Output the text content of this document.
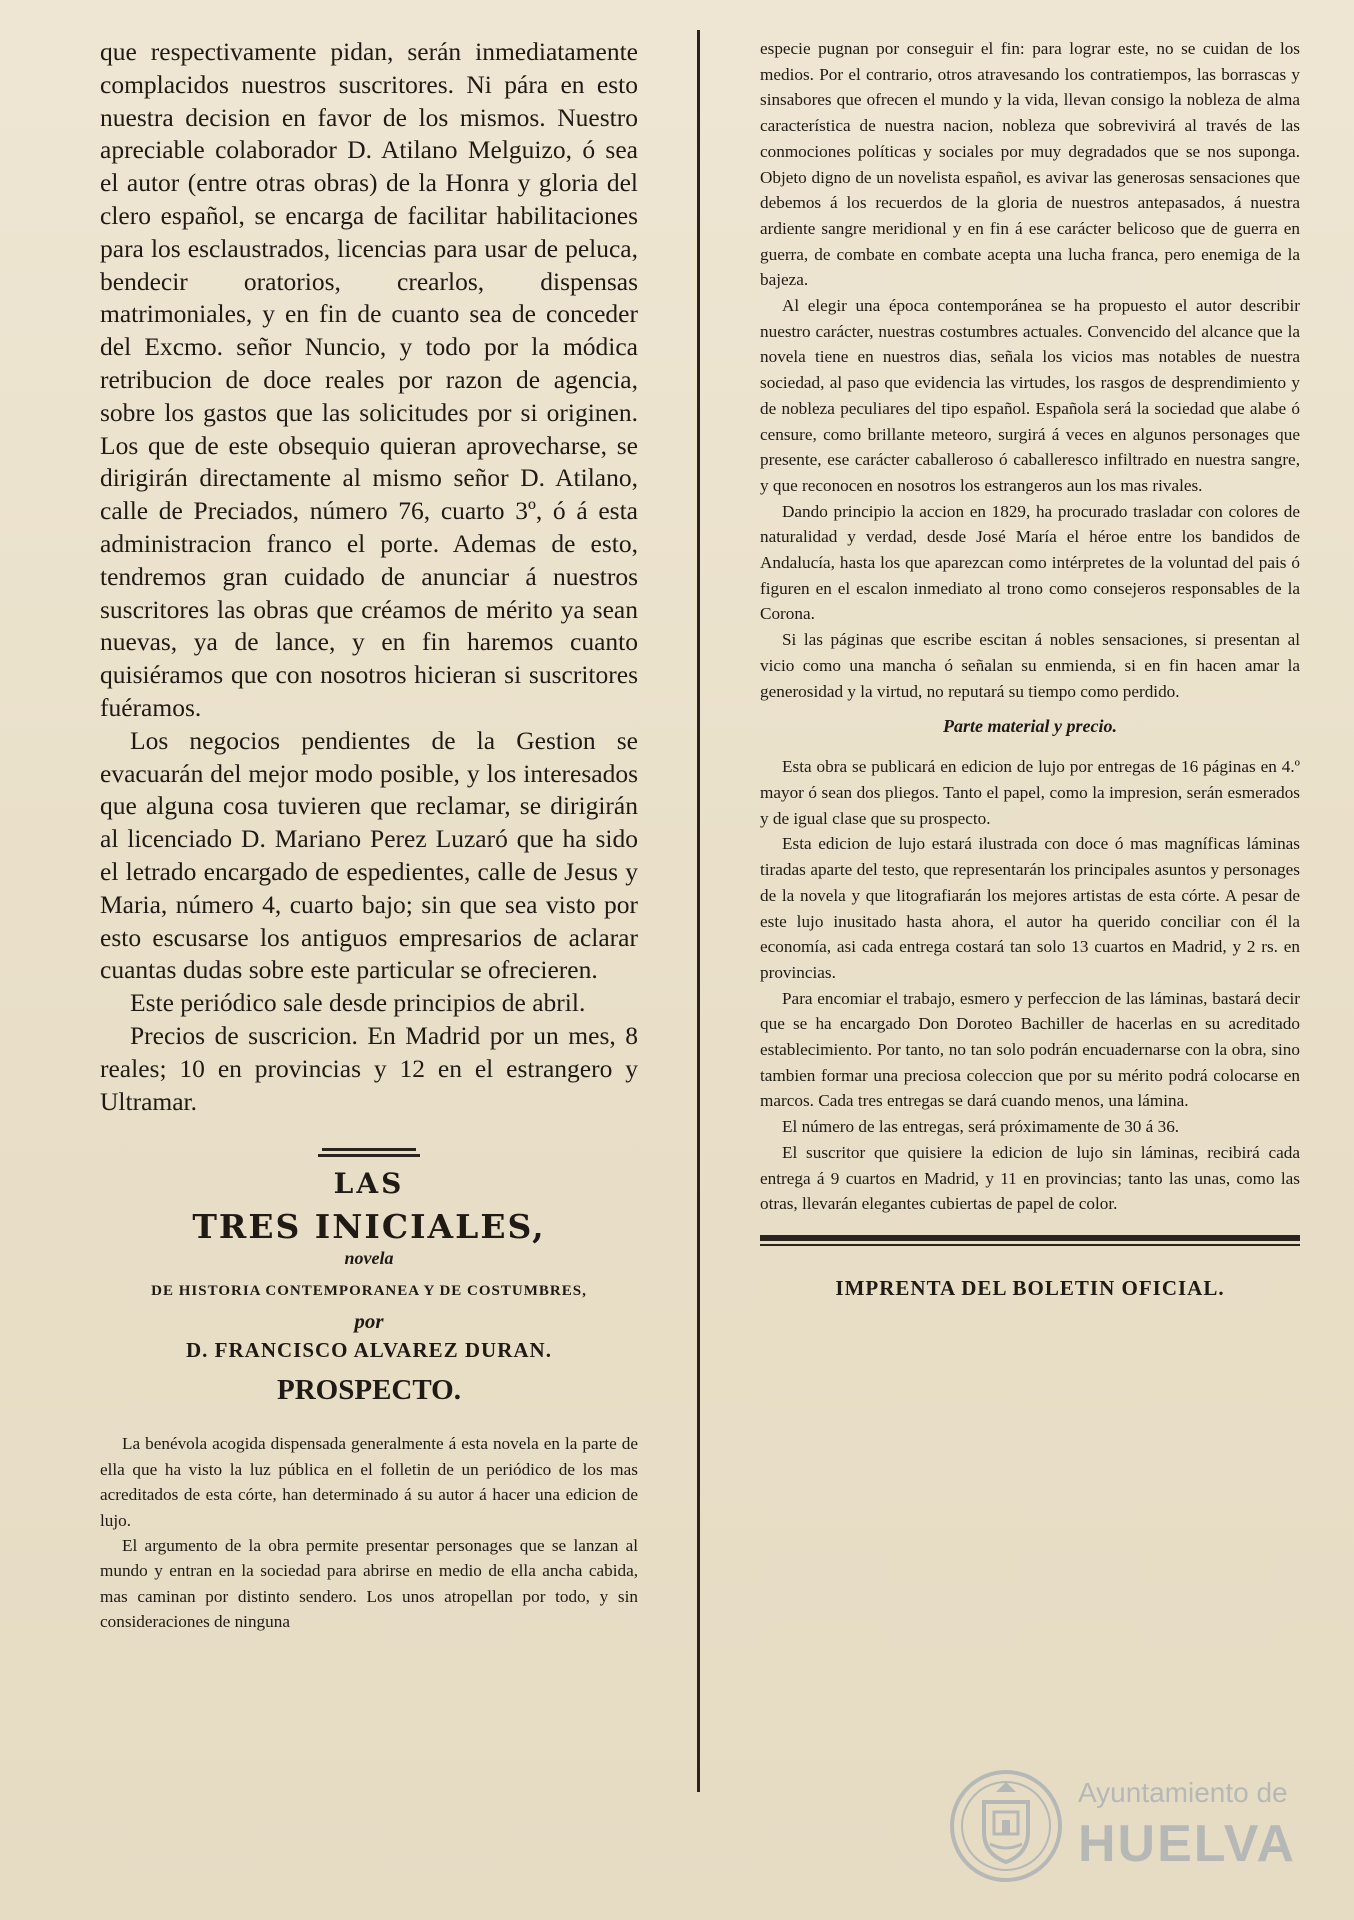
que respectivamente pidan, serán inmediatamente complacidos nuestros suscritores. Ni pára en esto nuestra decision en favor de los mismos. Nuestro apreciable colaborador D. Atilano Melguizo, ó sea el autor (entre otras obras) de la Honra y gloria del clero español, se encarga de facilitar habilitaciones para los esclaustrados, licencias para usar de peluca, bendecir oratorios, crearlos, dispensas matrimoniales, y en fin de cuanto sea de conceder del Excmo. señor Nuncio, y todo por la módica retribucion de doce reales por razon de agencia, sobre los gastos que las solicitudes por si originen. Los que de este obsequio quieran aprovecharse, se dirigirán directamente al mismo señor D. Atilano, calle de Preciados, número 76, cuarto 3º, ó á esta administracion franco el porte. Ademas de esto, tendremos gran cuidado de anunciar á nuestros suscritores las obras que créamos de mérito ya sean nuevas, ya de lance, y en fin haremos cuanto quisiéramos que con nosotros hicieran si suscritores fuéramos.

Los negocios pendientes de la Gestion se evacuarán del mejor modo posible, y los interesados que alguna cosa tuvieren que reclamar, se dirigirán al licenciado D. Mariano Perez Luzaró que ha sido el letrado encargado de espedientes, calle de Jesus y Maria, número 4, cuarto bajo; sin que sea visto por esto escusarse los antiguos empresarios de aclarar cuantas dudas sobre este particular se ofrecieren.

Este periódico sale desde principios de abril.

Precios de suscricion. En Madrid por un mes, 8 reales; 10 en provincias y 12 en el estrangero y Ultramar.

LAS
TRES INICIALES,
novela
DE HISTORIA CONTEMPORANEA Y DE COSTUMBRES,
por
D. FRANCISCO ALVAREZ DURAN.
PROSPECTO.

La benévola acogida dispensada generalmente á esta novela en la parte de ella que ha visto la luz pública en el folletin de un periódico de los mas acreditados de esta córte, han determinado á su autor á hacer una edicion de lujo.

El argumento de la obra permite presentar personages que se lanzan al mundo y entran en la sociedad para abrirse en medio de ella ancha cabida, mas caminan por distinto sendero. Los unos atropellan por todo, y sin consideraciones de ninguna

especie pugnan por conseguir el fin: para lograr este, no se cuidan de los medios. Por el contrario, otros atravesando los contratiempos, las borrascas y sinsabores que ofrecen el mundo y la vida, llevan consigo la nobleza de alma característica de nuestra nacion, nobleza que sobrevivirá al través de las conmociones políticas y sociales por muy degradados que se nos suponga. Objeto digno de un novelista español, es avivar las generosas sensaciones que debemos á los recuerdos de la gloria de nuestros antepasados, á nuestra ardiente sangre meridional y en fin á ese carácter belicoso que de guerra en guerra, de combate en combate acepta una lucha franca, pero enemiga de la bajeza.

Al elegir una época contemporánea se ha propuesto el autor describir nuestro carácter, nuestras costumbres actuales. Convencido del alcance que la novela tiene en nuestros dias, señala los vicios mas notables de nuestra sociedad, al paso que evidencia las virtudes, los rasgos de desprendimiento y de nobleza peculiares del tipo español. Española será la sociedad que alabe ó censure, como brillante meteoro, surgirá á veces en algunos personages que presente, ese carácter caballeroso ó caballeresco infiltrado en nuestra sangre, y que reconocen en nosotros los estrangeros aun los mas rivales.

Dando principio la accion en 1829, ha procurado trasladar con colores de naturalidad y verdad, desde José María el héroe entre los bandidos de Andalucía, hasta los que aparezcan como intérpretes de la voluntad del pais ó figuren en el escalon inmediato al trono como consejeros responsables de la Corona.

Si las páginas que escribe escitan á nobles sensaciones, si presentan al vicio como una mancha ó señalan su enmienda, si en fin hacen amar la generosidad y la virtud, no reputará su tiempo como perdido.

Parte material y precio.

Esta obra se publicará en edicion de lujo por entregas de 16 páginas en 4.º mayor ó sean dos pliegos. Tanto el papel, como la impresion, serán esmerados y de igual clase que su prospecto.

Esta edicion de lujo estará ilustrada con doce ó mas magníficas láminas tiradas aparte del testo, que representarán los principales asuntos y personages de la novela y que litografiarán los mejores artistas de esta córte. A pesar de este lujo inusitado hasta ahora, el autor ha querido conciliar con él la economía, asi cada entrega costará tan solo 13 cuartos en Madrid, y 2 rs. en provincias.

Para encomiar el trabajo, esmero y perfeccion de las láminas, bastará decir que se ha encargado Don Doroteo Bachiller de hacerlas en su acreditado establecimiento. Por tanto, no tan solo podrán encuadernarse con la obra, sino tambien formar una preciosa coleccion que por su mérito podrá colocarse en marcos. Cada tres entregas se dará cuando menos, una lámina.

El número de las entregas, será próximamente de 30 á 36.

El suscritor que quisiere la edicion de lujo sin láminas, recibirá cada entrega á 9 cuartos en Madrid, y 11 en provincias; tanto las unas, como las otras, llevarán elegantes cubiertas de papel de color.

IMPRENTA DEL BOLETIN OFICIAL.
Ayuntamiento de
HUELVA
